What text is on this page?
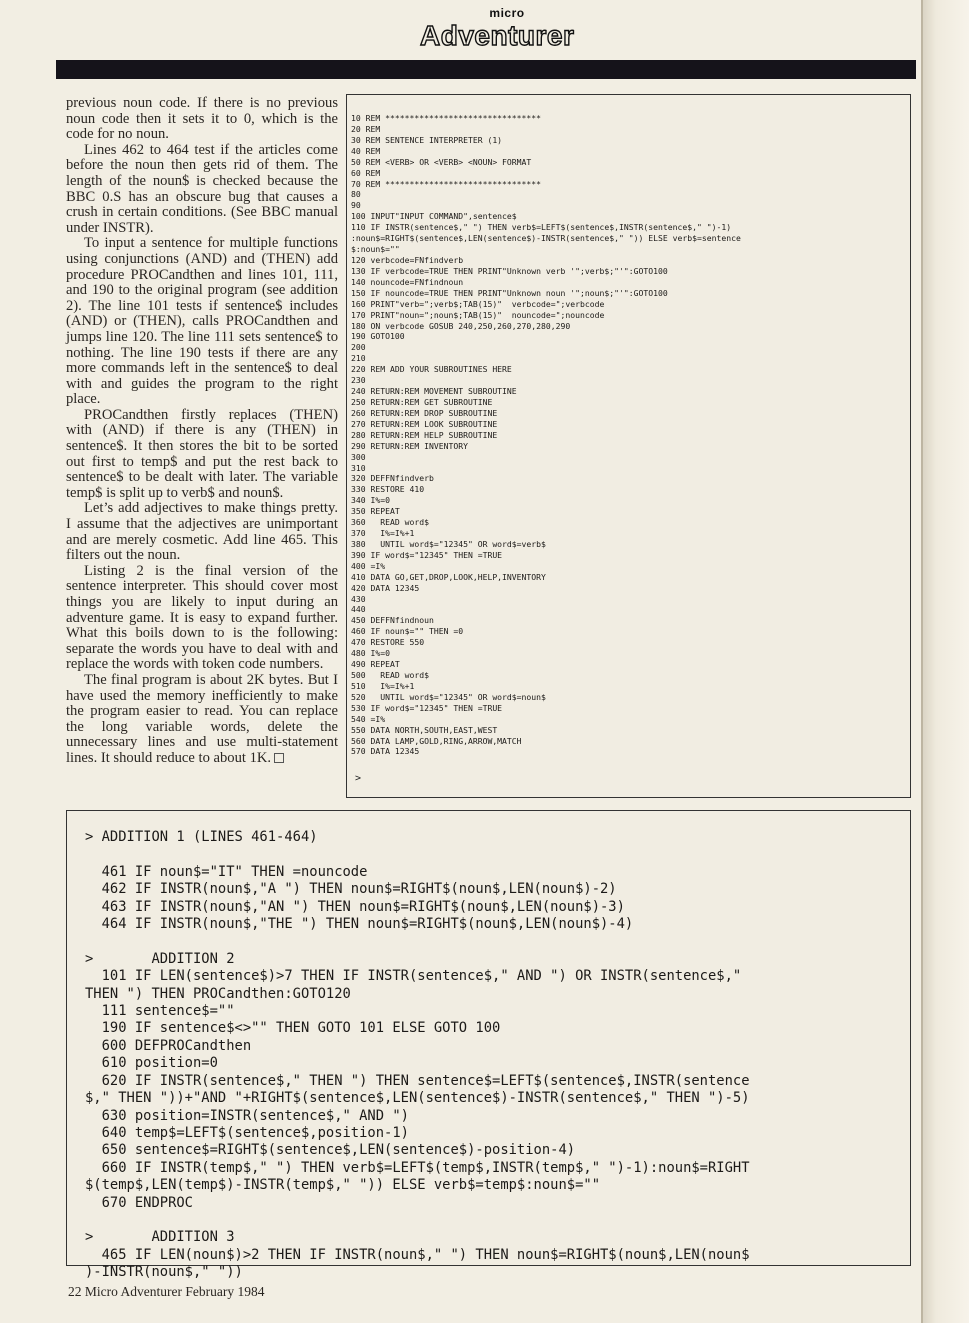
micro
Adventurer

previous noun code. If there is no previous noun code then it sets it to 0, which is the code for no noun.

Lines 462 to 464 test if the articles come before the noun then gets rid of them. The length of the noun$ is checked because the BBC 0.S has an obscure bug that causes a crush in certain conditions. (See BBC manual under INSTR).

To input a sentence for multiple functions using conjunctions (AND) and (THEN) add procedure PROCandthen and lines 101, 111, and 190 to the original program (see addition 2). The line 101 tests if sentence$ includes (AND) or (THEN), calls PROCandthen and jumps line 120. The line 111 sets sentence$ to nothing. The line 190 tests if there are any more commands left in the sentence$ to deal with and guides the program to the right place.

PROCandthen firstly replaces (THEN) with (AND) if there is any (THEN) in sentence$. It then stores the bit to be sorted out first to temp$ and put the rest back to sentence$ to be dealt with later. The variable temp$ is split up to verb$ and noun$.

Let’s add adjectives to make things pretty. I assume that the adjectives are unimportant and are merely cosmetic. Add line 465. This filters out the noun.

Listing 2 is the final version of the sentence interpreter. This should cover most things you are likely to input during an adventure game. It is easy to expand further. What this boils down to is the following: separate the words you have to deal with and replace the words with token code numbers.

The final program is about 2K bytes. But I have used the memory inefficiently to make the program easier to read. You can replace the long variable words, delete the unnecessary lines and use multi-statement lines. It should reduce to about 1K.

10 REM ********************************
20 REM
30 REM SENTENCE INTERPRETER (1)
40 REM
50 REM <VERB> OR <VERB> <NOUN> FORMAT
60 REM
70 REM ********************************
80
90
100 INPUT"INPUT COMMAND",sentence$
110 IF INSTR(sentence$," ") THEN verb$=LEFT$(sentence$,INSTR(sentence$," ")-1)
:noun$=RIGHT$(sentence$,LEN(sentence$)-INSTR(sentence$," ")) ELSE verb$=sentence
$:noun$=""
120 verbcode=FNfindverb
130 IF verbcode=TRUE THEN PRINT"Unknown verb '";verb$;"'":GOTO100
140 nouncode=FNfindnoun
150 IF nouncode=TRUE THEN PRINT"Unknown noun '";noun$;"'":GOTO100
160 PRINT"verb=";verb$;TAB(15)"  verbcode=";verbcode
170 PRINT"noun=";noun$;TAB(15)"  nouncode=";nouncode
180 ON verbcode GOSUB 240,250,260,270,280,290
190 GOTO100
200
210
220 REM ADD YOUR SUBROUTINES HERE
230
240 RETURN:REM MOVEMENT SUBROUTINE
250 RETURN:REM GET SUBROUTINE
260 RETURN:REM DROP SUBROUTINE
270 RETURN:REM LOOK SUBROUTINE
280 RETURN:REM HELP SUBROUTINE
290 RETURN:REM INVENTORY
300
310
320 DEFFNfindverb
330 RESTORE 410
340 I%=0
350 REPEAT
360   READ word$
370   I%=I%+1
380   UNTIL word$="12345" OR word$=verb$
390 IF word$="12345" THEN =TRUE
400 =I%
410 DATA GO,GET,DROP,LOOK,HELP,INVENTORY
420 DATA 12345
430
440
450 DEFFNfindnoun
460 IF noun$="" THEN =0
470 RESTORE 550
480 I%=0
490 REPEAT
500   READ word$
510   I%=I%+1
520   UNTIL word$="12345" OR word$=noun$
530 IF word$="12345" THEN =TRUE
540 =I%
550 DATA NORTH,SOUTH,EAST,WEST
560 DATA LAMP,GOLD,RING,ARROW,MATCH
570 DATA 12345

>
> ADDITION 1 (LINES 461-464)

461 IF noun$="IT" THEN =nouncode
462 IF INSTR(noun$,"A ") THEN noun$=RIGHT$(noun$,LEN(noun$)-2)
463 IF INSTR(noun$,"AN ") THEN noun$=RIGHT$(noun$,LEN(noun$)-3)
464 IF INSTR(noun$,"THE ") THEN noun$=RIGHT$(noun$,LEN(noun$)-4)

>       ADDITION 2
101 IF LEN(sentence$)>7 THEN IF INSTR(sentence$," AND ") OR INSTR(sentence$,"
THEN ") THEN PROCandthen:GOTO120
111 sentence$=""
190 IF sentence$<>"" THEN GOTO 101 ELSE GOTO 100
600 DEFPROCandthen
610 position=0
620 IF INSTR(sentence$," THEN ") THEN sentence$=LEFT$(sentence$,INSTR(sentence
$," THEN "))+"AND "+RIGHT$(sentence$,LEN(sentence$)-INSTR(sentence$," THEN ")-5)
630 position=INSTR(sentence$," AND ")
640 temp$=LEFT$(sentence$,position-1)
650 sentence$=RIGHT$(sentence$,LEN(sentence$)-position-4)
660 IF INSTR(temp$," ") THEN verb$=LEFT$(temp$,INSTR(temp$," ")-1):noun$=RIGHT
$(temp$,LEN(temp$)-INSTR(temp$," ")) ELSE verb$=temp$:noun$=""
670 ENDPROC

>       ADDITION 3
465 IF LEN(noun$)>2 THEN IF INSTR(noun$," ") THEN noun$=RIGHT$(noun$,LEN(noun$
)-INSTR(noun$," "))

22 Micro Adventurer February 1984
